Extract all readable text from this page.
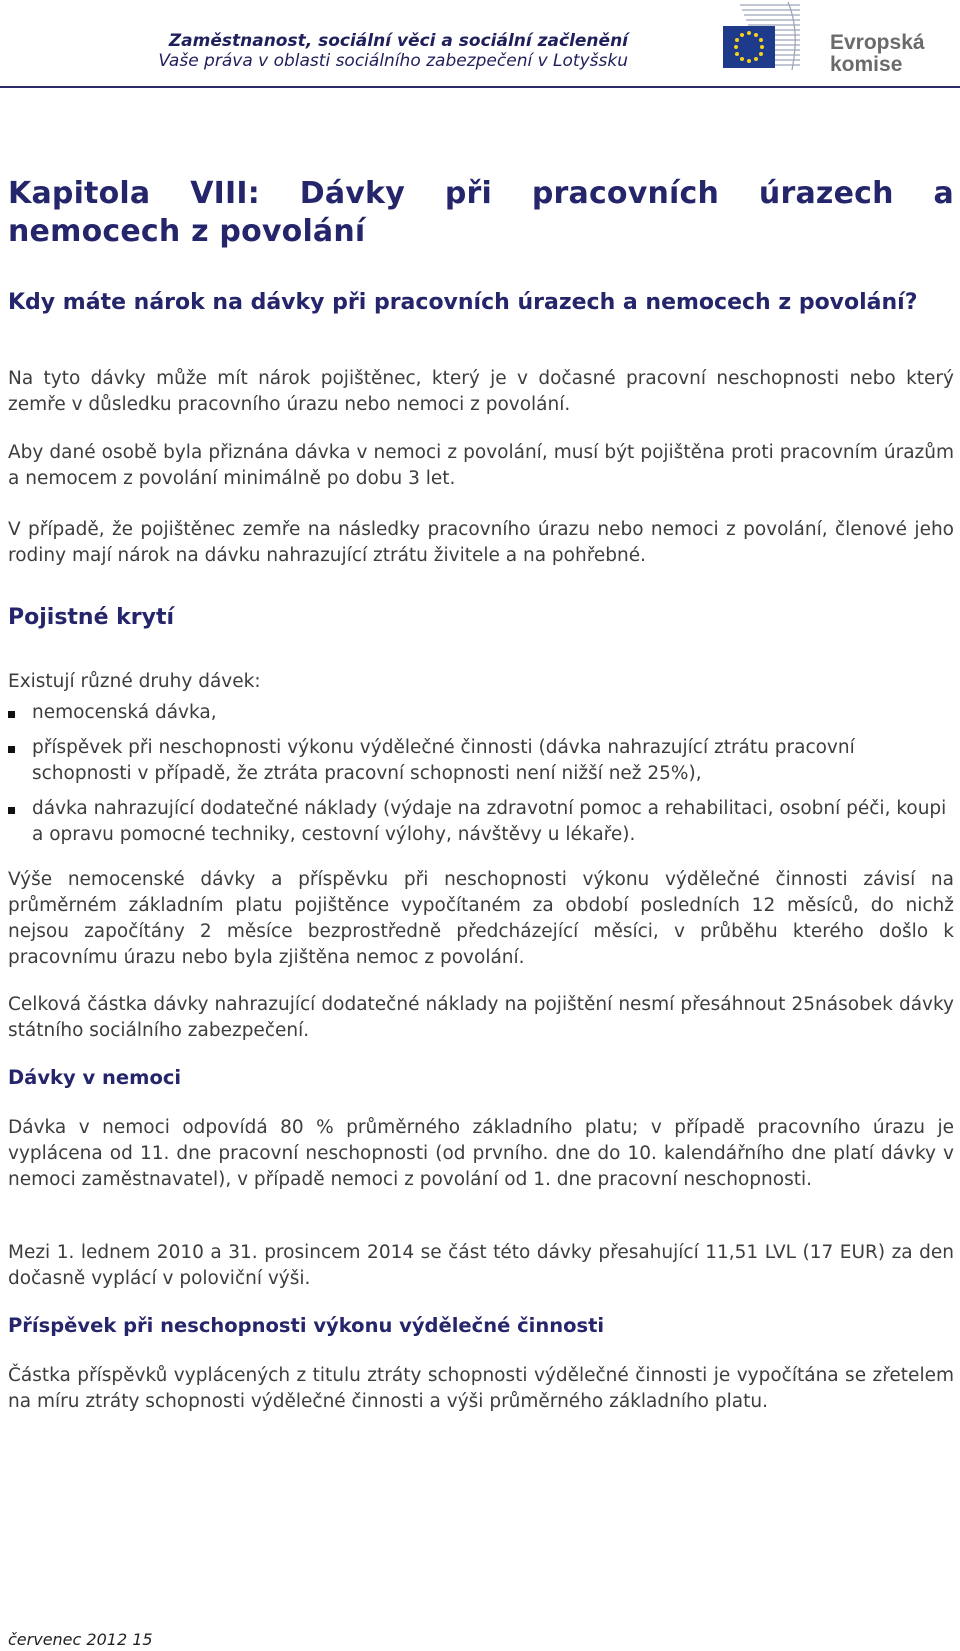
Zaměstnanost, sociální věci a sociální začlenění
Vaše práva v oblasti sociálního zabezpečení v Lotyšsku
Evropská
komise
Kapitola VIII: Dávky při pracovních úrazech a nemocech z povolání
Kdy máte nárok na dávky při pracovních úrazech a nemocech z povolání?

Na tyto dávky může mít nárok pojištěnec, který je v dočasné pracovní neschopnosti nebo který zemře v důsledku pracovního úrazu nebo nemoci z povolání.

Aby dané osobě byla přiznána dávka v nemoci z povolání, musí být pojištěna proti pracovním úrazům a nemocem z povolání minimálně po dobu 3 let.

V případě, že pojištěnec zemře na následky pracovního úrazu nebo nemoci z povolání, členové jeho rodiny mají nárok na dávku nahrazující ztrátu živitele a na pohřebné.

Pojistné krytí

Existují různé druhy dávek:

nemocenská dávka,
příspěvek při neschopnosti výkonu výdělečné činnosti (dávka nahrazující ztrátu pracovní schopnosti v případě, že ztráta pracovní schopnosti není nižší než 25%),
dávka nahrazující dodatečné náklady (výdaje na zdravotní pomoc a rehabilitaci, osobní péči, koupi a opravu pomocné techniky, cestovní výlohy, návštěvy u lékaře).

Výše nemocenské dávky a příspěvku při neschopnosti výkonu výdělečné činnosti závisí na průměrném základním platu pojištěnce vypočítaném za období posledních 12 měsíců, do nichž nejsou započítány 2 měsíce bezprostředně předcházející měsíci, v průběhu kterého došlo k pracovnímu úrazu nebo byla zjištěna nemoc z povolání.

Celková částka dávky nahrazující dodatečné náklady na pojištění nesmí přesáhnout 25násobek dávky státního sociálního zabezpečení.

Dávky v nemoci

Dávka v nemoci odpovídá 80 % průměrného základního platu; v případě pracovního úrazu je vyplácena od 11. dne pracovní neschopnosti (od prvního. dne do 10. kalendářního dne platí dávky v nemoci zaměstnavatel), v případě nemoci z povolání od 1. dne pracovní neschopnosti.

Mezi 1. lednem 2010 a 31. prosincem 2014 se část této dávky přesahující 11,51 LVL (17 EUR) za den dočasně vyplácí v poloviční výši.

Příspěvek při neschopnosti výkonu výdělečné činnosti

Částka příspěvků vyplácených z titulu ztráty schopnosti výdělečné činnosti je vypočítána se zřetelem na míru ztráty schopnosti výdělečné činnosti a výši průměrného základního platu.

červenec 2012 15
